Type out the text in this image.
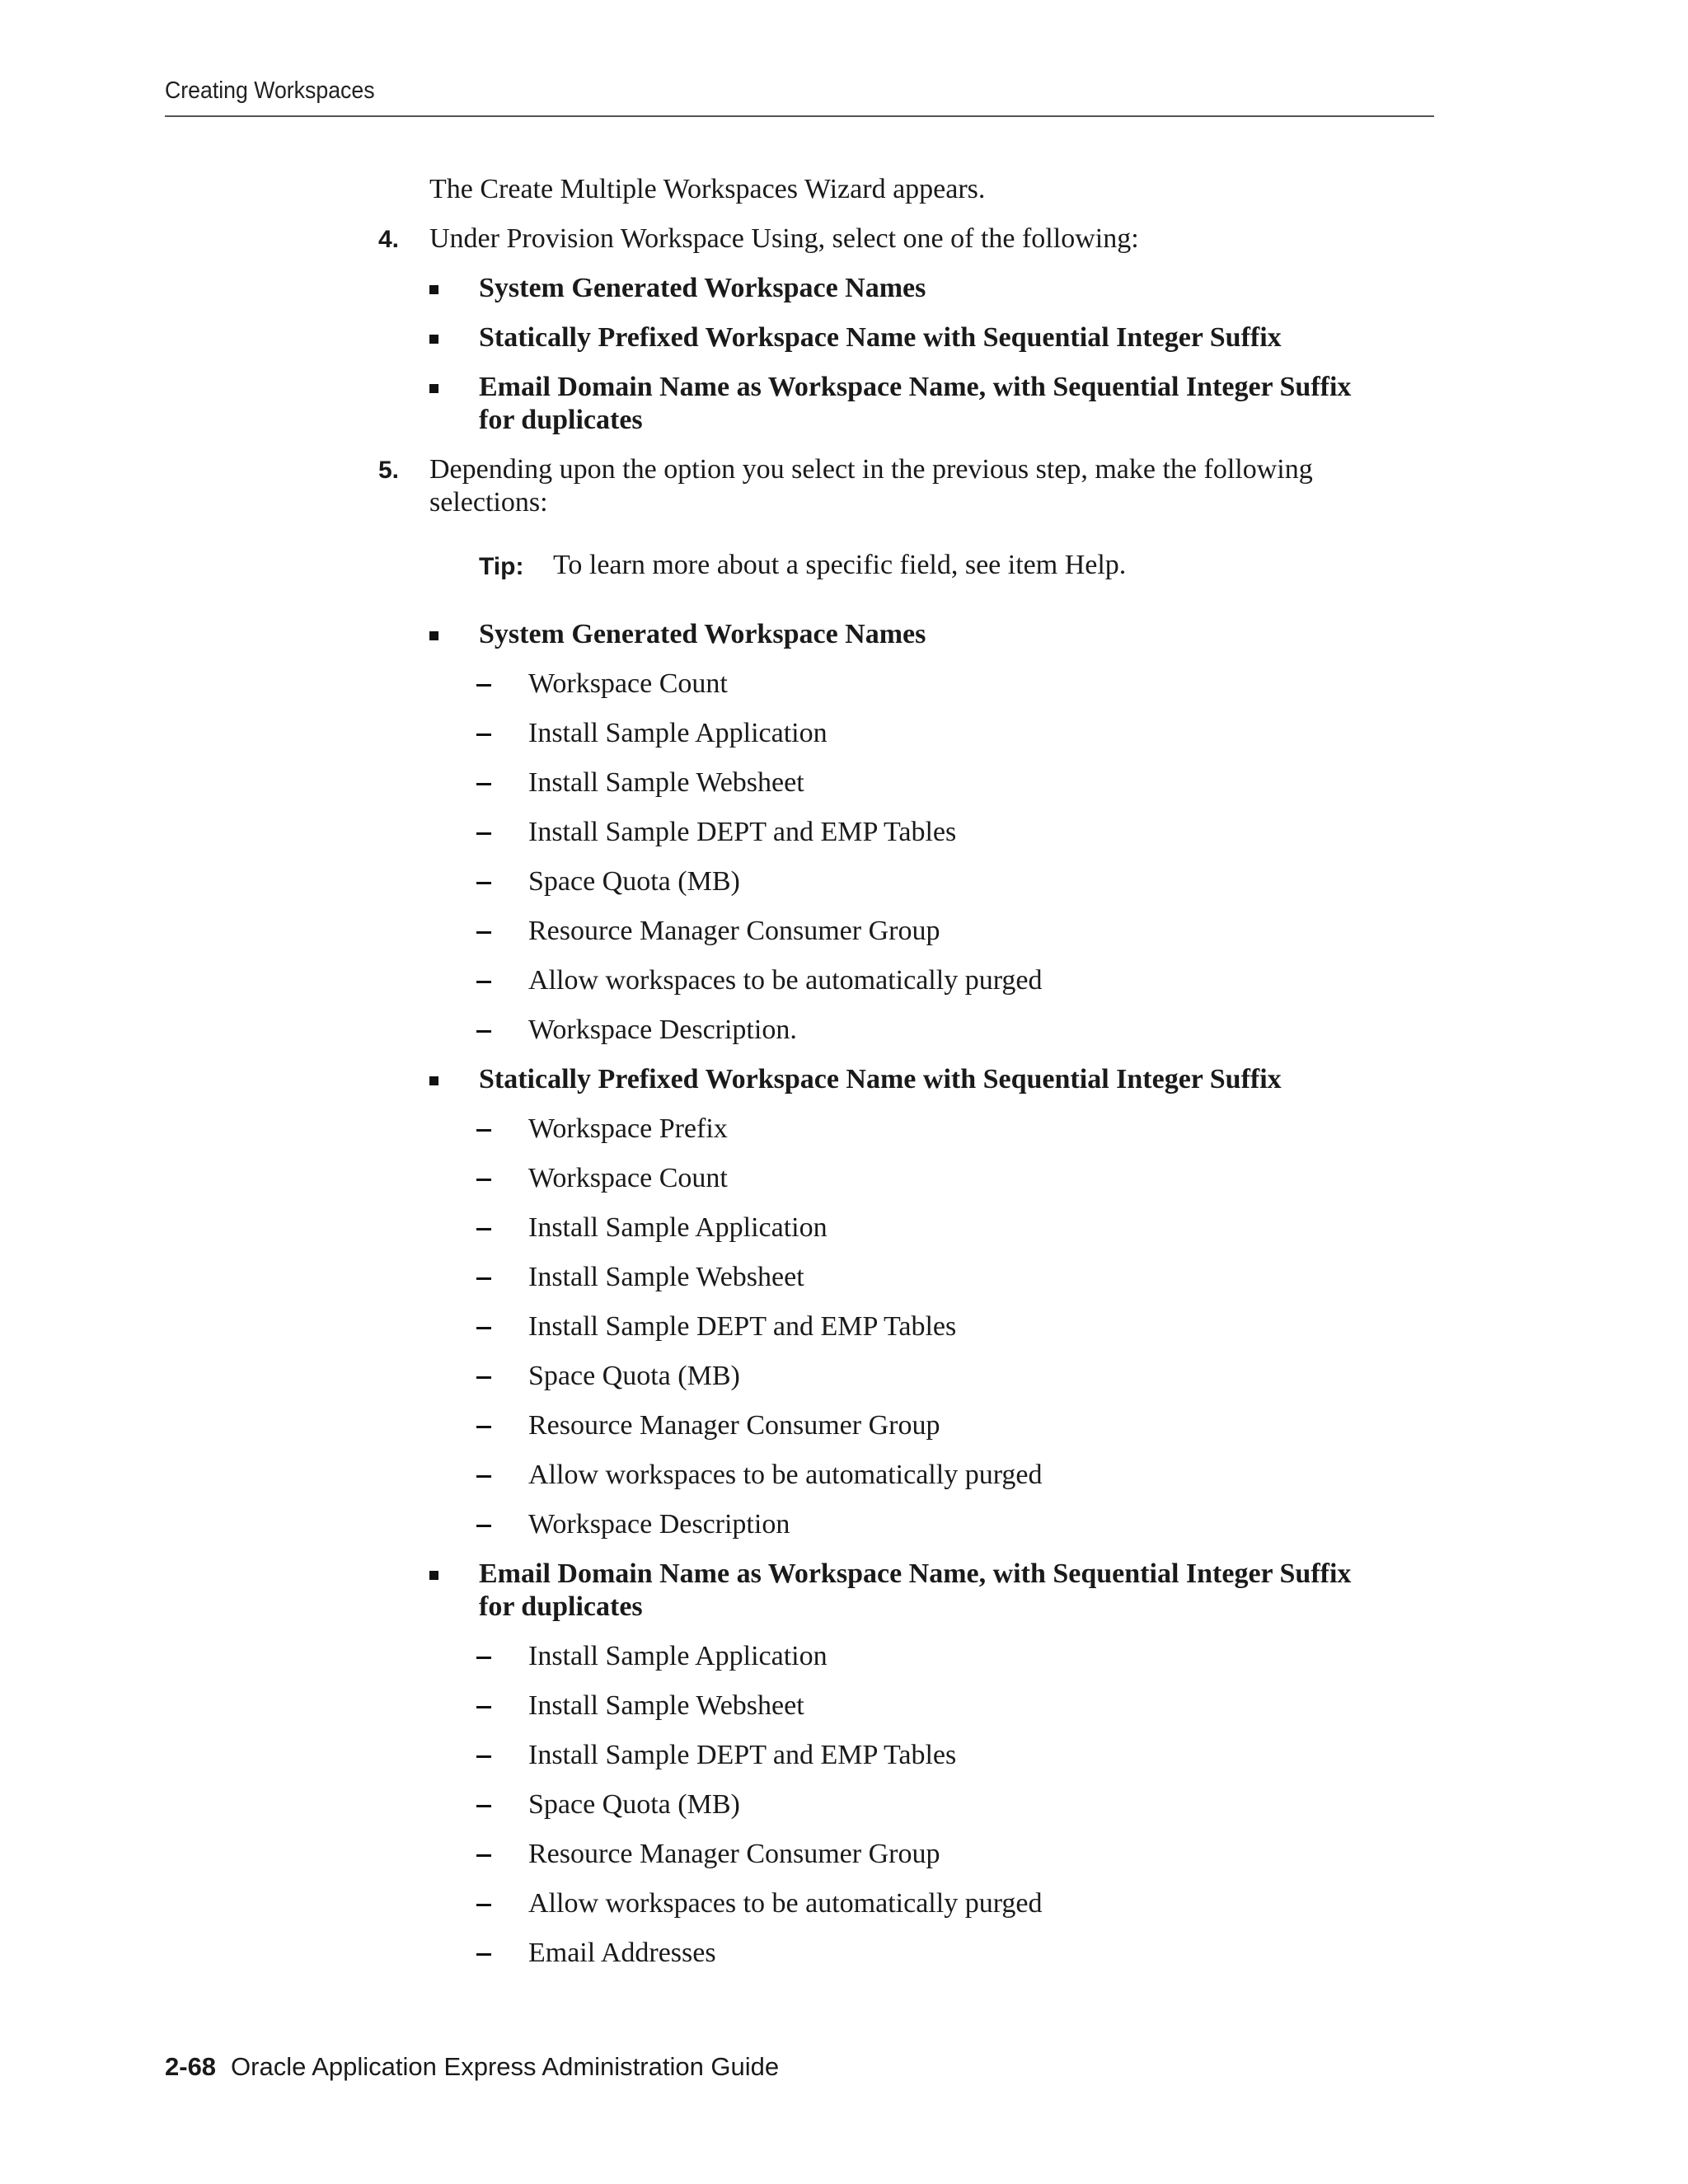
Creating Workspaces
The Create Multiple Workspaces Wizard appears.
4. Under Provision Workspace Using, select one of the following:
System Generated Workspace Names
Statically Prefixed Workspace Name with Sequential Integer Suffix
Email Domain Name as Workspace Name, with Sequential Integer Suffix
for duplicates
5. Depending upon the option you select in the previous step, make the following
selections:
Tip: To learn more about a specific field, see item Help.
System Generated Workspace Names
Workspace Count
Install Sample Application
Install Sample Websheet
Install Sample DEPT and EMP Tables
Space Quota (MB)
Resource Manager Consumer Group
Allow workspaces to be automatically purged
Workspace Description.
Statically Prefixed Workspace Name with Sequential Integer Suffix
Workspace Prefix
Workspace Count
Install Sample Application
Install Sample Websheet
Install Sample DEPT and EMP Tables
Space Quota (MB)
Resource Manager Consumer Group
Allow workspaces to be automatically purged
Workspace Description
Email Domain Name as Workspace Name, with Sequential Integer Suffix
for duplicates
Install Sample Application
Install Sample Websheet
Install Sample DEPT and EMP Tables
Space Quota (MB)
Resource Manager Consumer Group
Allow workspaces to be automatically purged
Email Addresses
2-68 Oracle Application Express Administration Guide
